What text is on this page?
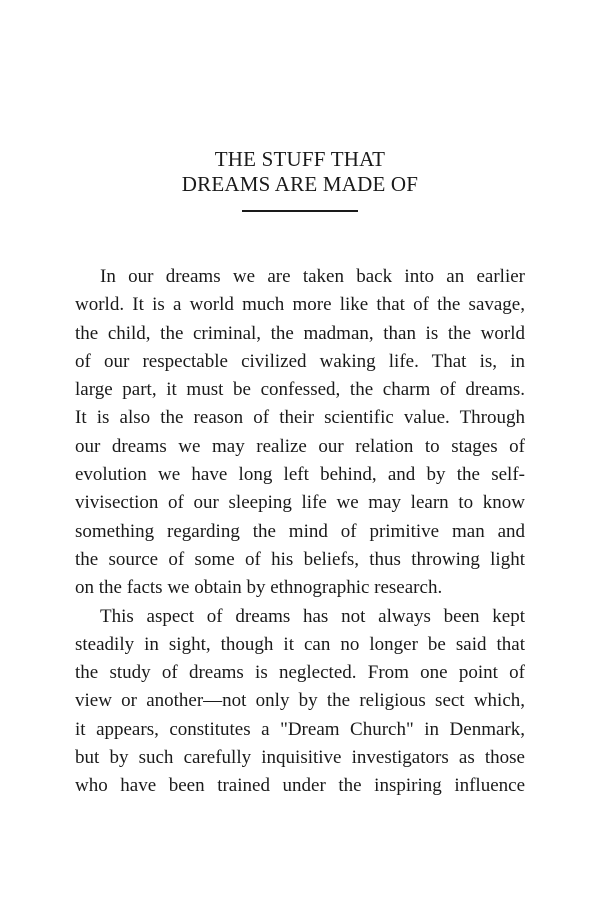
THE STUFF THAT
DREAMS ARE MADE OF
In our dreams we are taken back into an earlier
world. It is a world much more like that of the savage,
the child, the criminal, the madman, than is the world
of our respectable civilized waking life. That is, in
large part, it must be confessed, the charm of dreams.
It is also the reason of their scientific value. Through
our dreams we may realize our relation to stages of
evolution we have long left behind, and by the self-
vivisection of our sleeping life we may learn to know
something regarding the mind of primitive man and
the source of some of his beliefs, thus throwing light
on the facts we obtain by ethnographic research.
This aspect of dreams has not always been kept
steadily in sight, though it can no longer be said that
the study of dreams is neglected. From one point of
view or another—not only by the religious sect which,
it appears, constitutes a "Dream Church" in Denmark,
but by such carefully inquisitive investigators as those
who have been trained under the inspiring influence
